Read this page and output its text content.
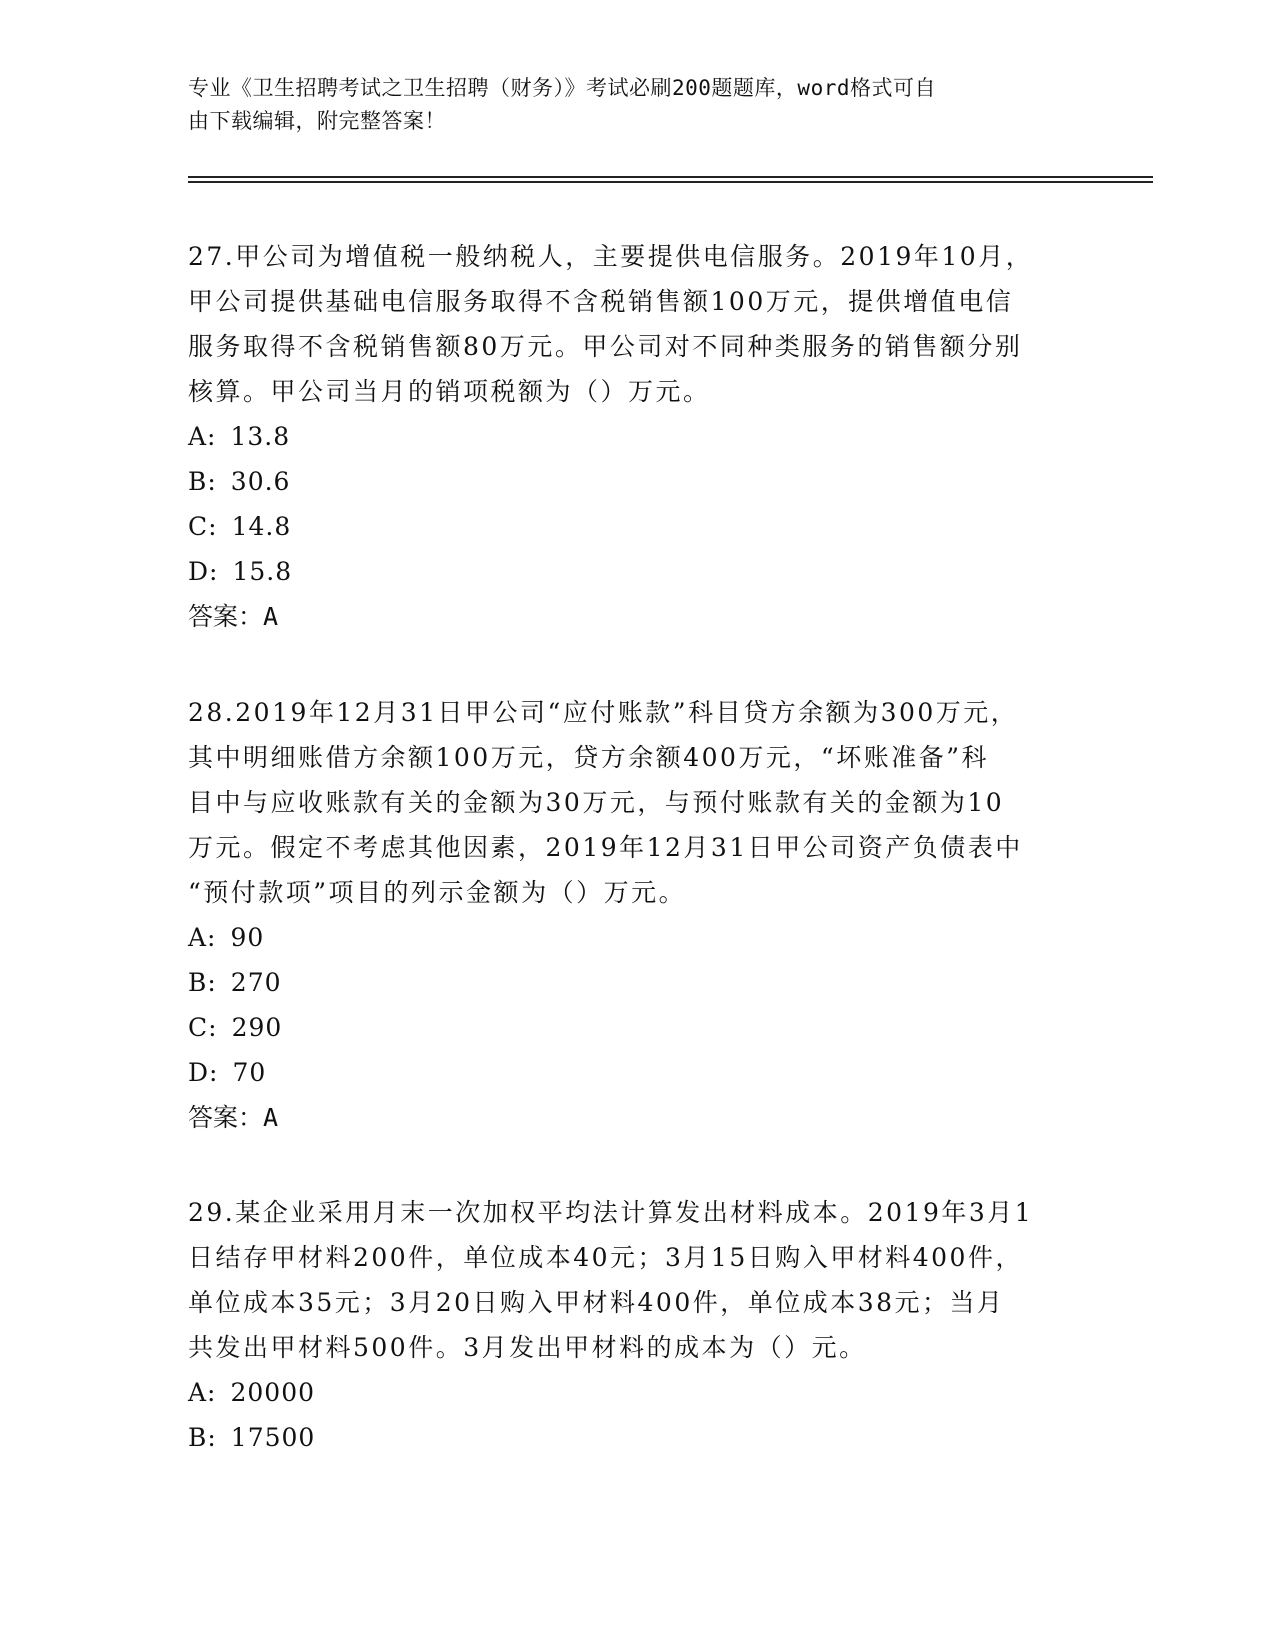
专业《卫生招聘考试之卫生招聘（财务）》考试必刷200题题库，word格式可自
由下载编辑，附完整答案！

27.甲公司为增值税一般纳税人，主要提供电信服务。2019年10月，

甲公司提供基础电信服务取得不含税销售额100万元，提供增值电信

服务取得不含税销售额80万元。甲公司对不同种类服务的销售额分别

核算。甲公司当月的销项税额为（）万元。

A: 13.8

B: 30.6

C: 14.8

D: 15.8

答案：A

28.2019年12月31日甲公司“应付账款”科目贷方余额为300万元，

其中明细账借方余额100万元，贷方余额400万元，“坏账准备”科

目中与应收账款有关的金额为30万元，与预付账款有关的金额为10

万元。假定不考虑其他因素，2019年12月31日甲公司资产负债表中

“预付款项”项目的列示金额为（）万元。

A: 90

B: 270

C: 290

D: 70

答案：A

29.某企业采用月末一次加权平均法计算发出材料成本。2019年3月1

日结存甲材料200件，单位成本40元；3月15日购入甲材料400件，

单位成本35元；3月20日购入甲材料400件，单位成本38元；当月

共发出甲材料500件。3月发出甲材料的成本为（）元。

A: 20000

B: 17500
